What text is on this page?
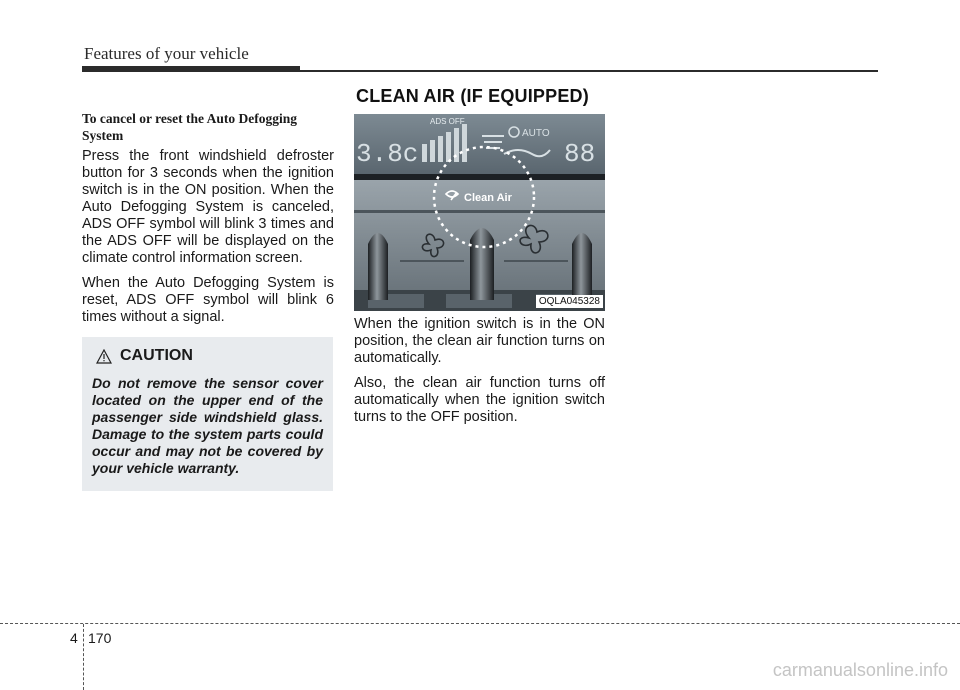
Features of your vehicle
CLEAN AIR (IF EQUIPPED)

To cancel or reset the Auto Defogging System

Press the front windshield defroster button for 3 seconds when the ignition switch is in the ON position. When the Auto Defogging System is canceled, ADS OFF symbol will blink 3 times and the ADS OFF will be displayed on the climate control information screen.

When the Auto Defogging System is reset, ADS OFF symbol will blink 6 times without a signal.

CAUTION

Do not remove the sensor cover located on the upper end of the passenger side windshield glass. Damage to the system parts could occur and may not be covered by your vehicle warranty.

3.8c
ADS OFF
AUTO
88
Clean Air
OQLA045328

When the ignition switch is in the ON position, the clean air function turns on automatically.

Also, the clean air function turns off automatically when the ignition switch turns to the OFF position.

4 170
carmanualsonline.info
